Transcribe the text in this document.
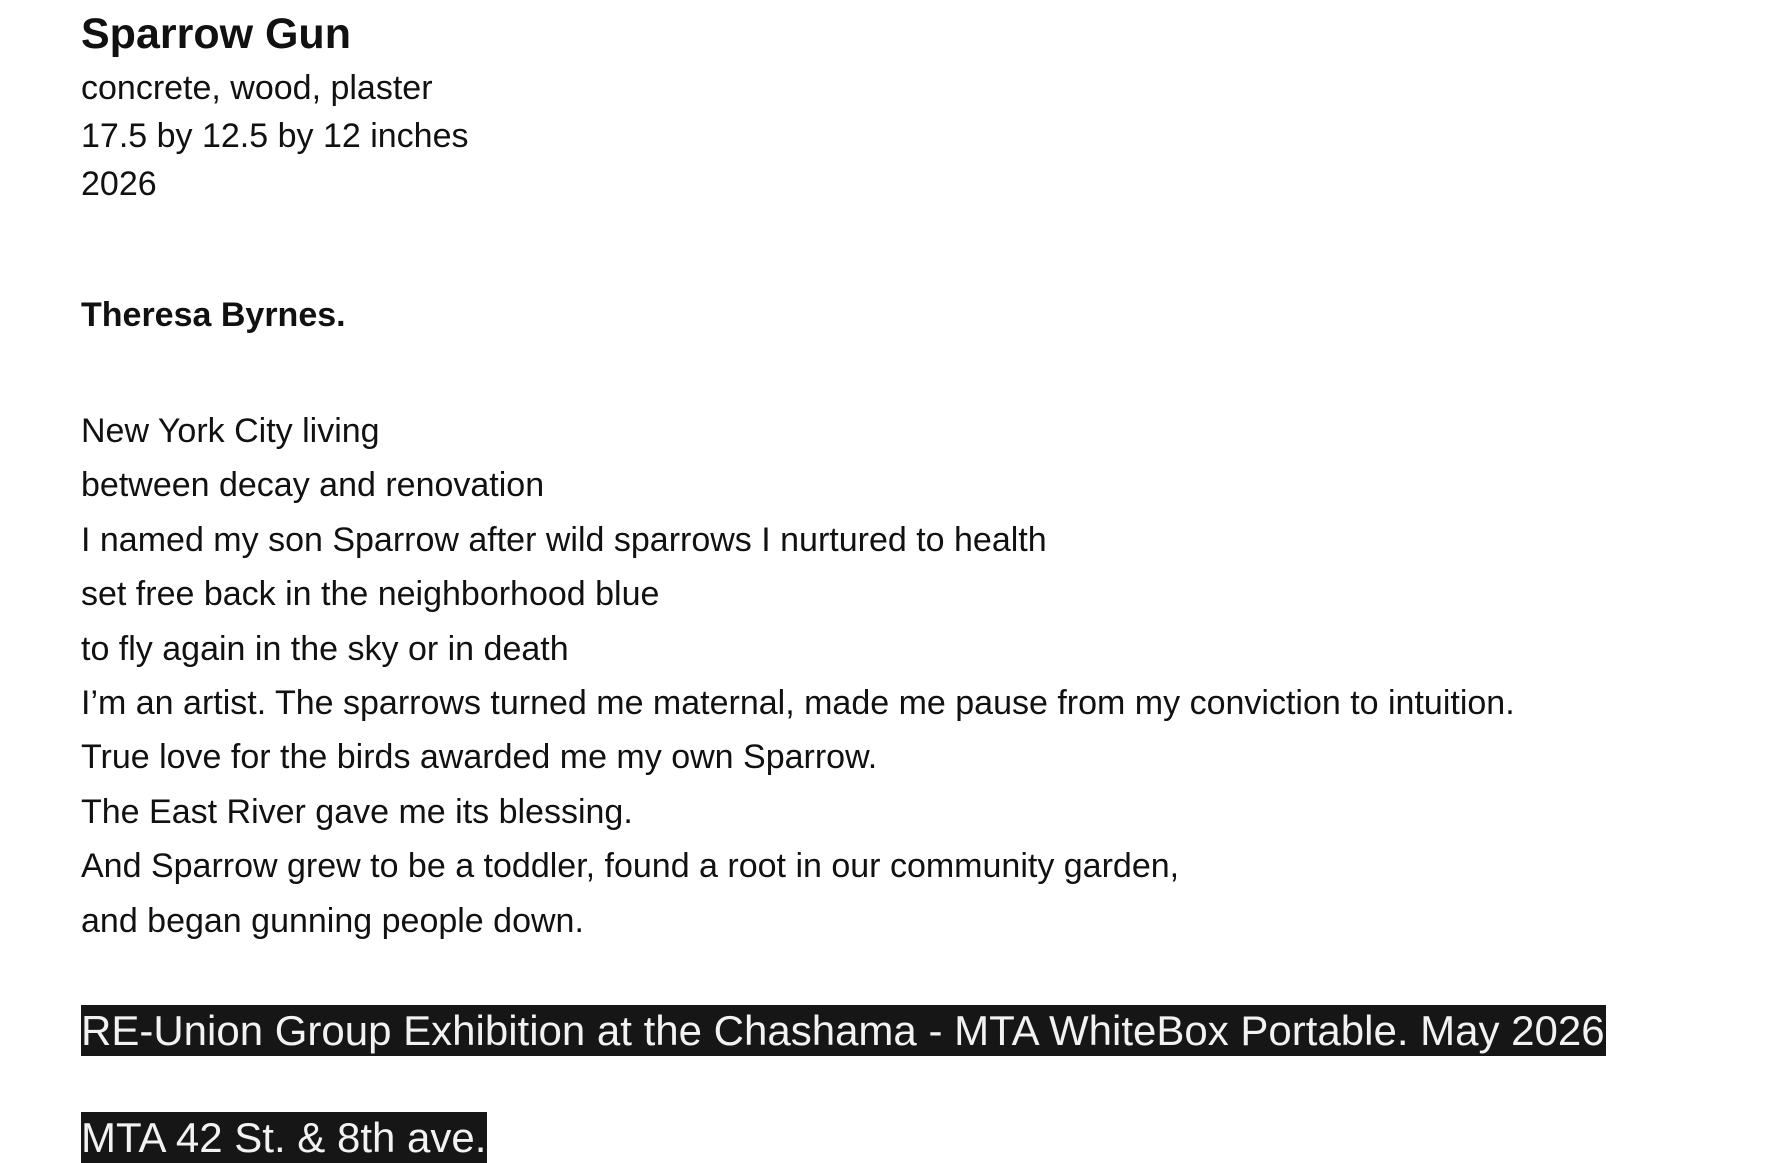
Sparrow Gun
concrete, wood, plaster
17.5 by 12.5 by 12 inches
2026
Theresa Byrnes.
New York City living
between decay and renovation
I named my son Sparrow after wild sparrows I nurtured to health
set free back in the neighborhood blue
to fly again in the sky or in death
I’m an artist. The sparrows turned me maternal, made me pause from my conviction to intuition.
True love for the birds awarded me my own Sparrow.
The East River gave me its blessing.
And Sparrow grew to be a toddler, found a root in our community garden,
and began gunning people down.
RE-Union Group Exhibition at the Chashama - MTA WhiteBox Portable. May 2026
MTA 42 St. & 8th ave.
